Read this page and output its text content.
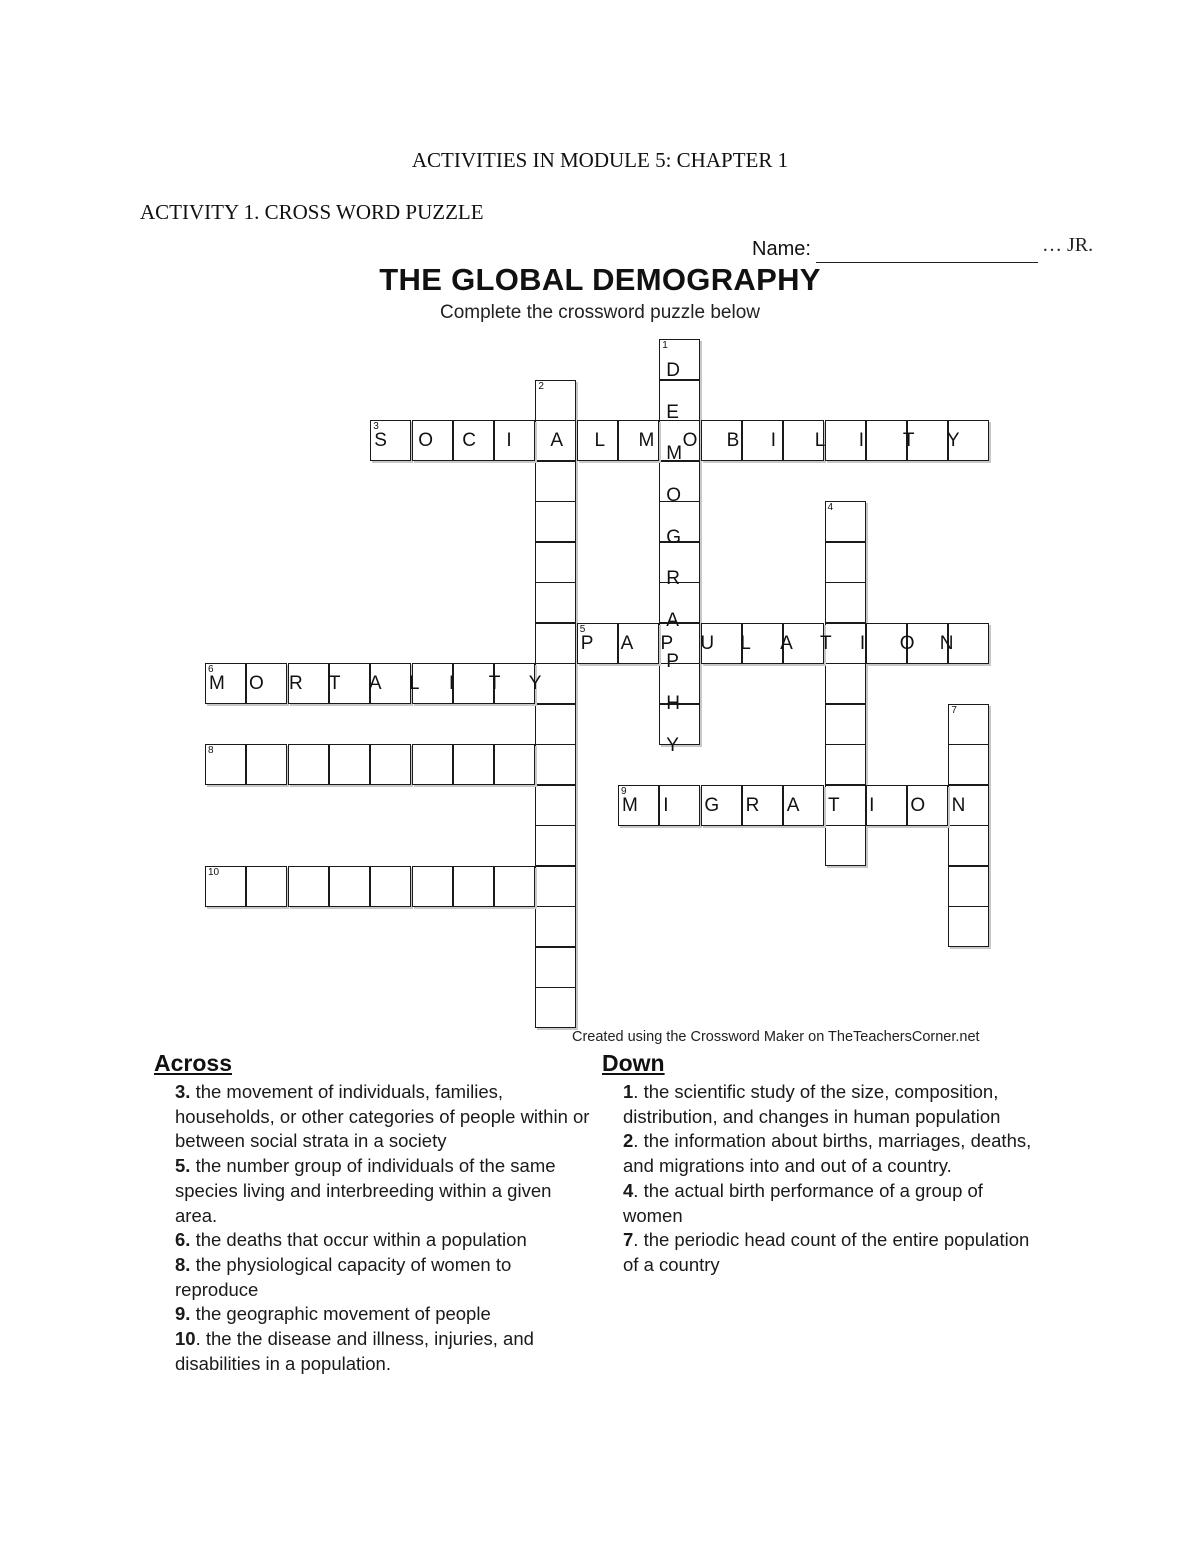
ACTIVITIES IN MODULE 5: CHAPTER 1
ACTIVITY 1. CROSS WORD PUZZLE
Name:	… JR.
THE GLOBAL DEMOGRAPHY
Complete the crossword puzzle below
1
2
3
4
5
6
7
8
9
10
D
E
M
O
G
R
A
P
H
Y
S O C I A L M O B I L I T Y
P A P U L A T I O N
M O R T A L I T Y
M I G R A T I O N
Created using the Crossword Maker on TheTeachersCorner.net
Across	Down
3. the movement of individuals, families, households, or other categories of people within or between social strata in a society
5. the number group of individuals of the same species living and interbreeding within a given area.
6. the deaths that occur within a population
8. the physiological capacity of women to reproduce
9. the geographic movement of people
10. the the disease and illness, injuries, and disabilities in a population.
1. the scientific study of the size, composition, distribution, and changes in human population
2. the information about births, marriages, deaths, and migrations into and out of a country.
4. the actual birth performance of a group of women
7. the periodic head count of the entire population of a country
